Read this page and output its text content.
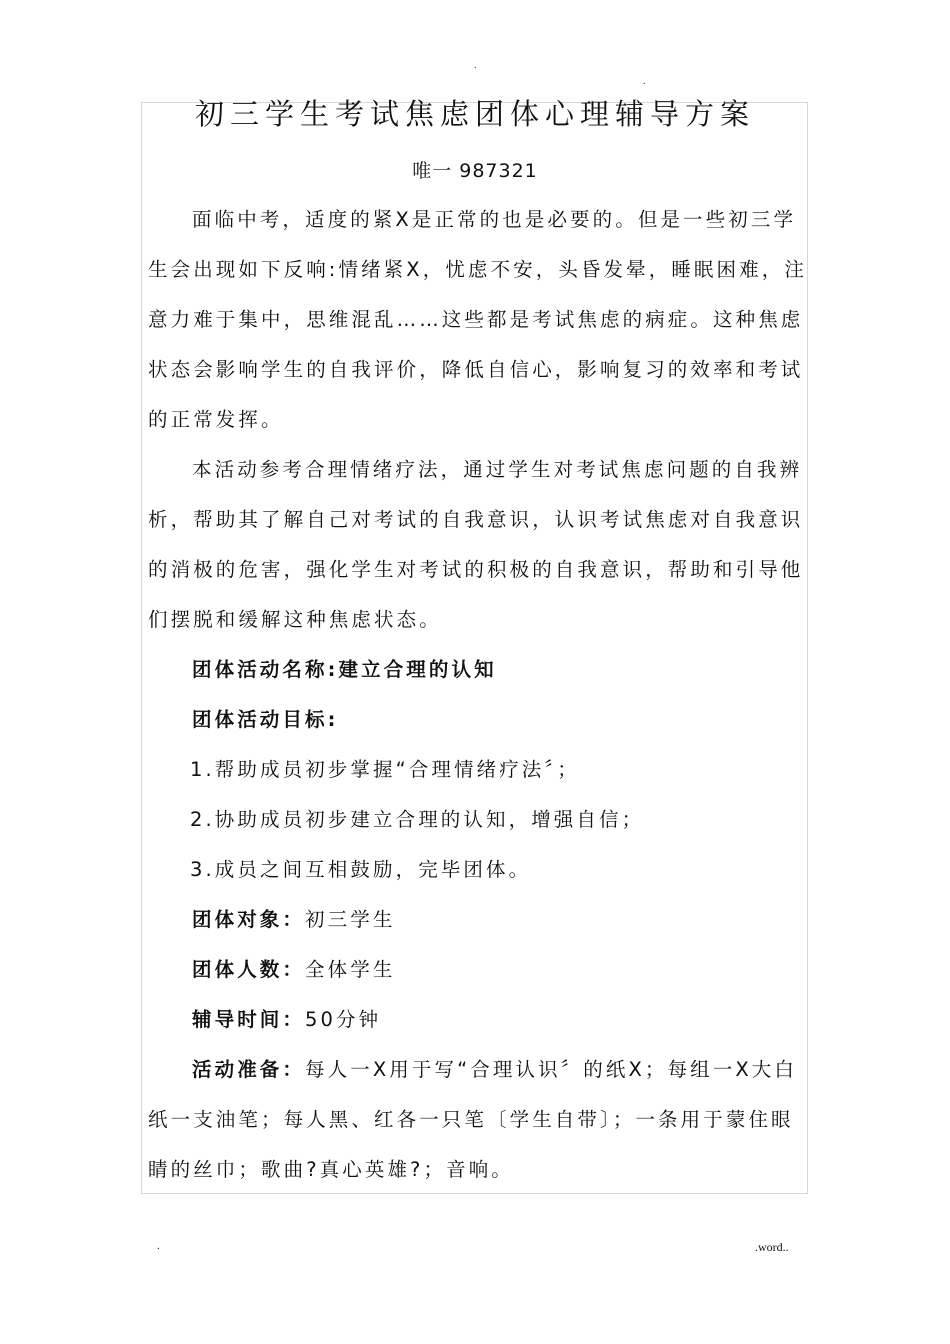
.
.
初三学生考试焦虑团体心理辅导方案
唯一 987321

面临中考，适度的紧X是正常的也是必要的。但是一些初三学生会出现如下反响:情绪紧X，忧虑不安，头昏发晕，睡眠困难，注意力难于集中，思维混乱……这些都是考试焦虑的病症。这种焦虑状态会影响学生的自我评价，降低自信心，影响复习的效率和考试的正常发挥。

本活动参考合理情绪疗法，通过学生对考试焦虑问题的自我辨析，帮助其了解自己对考试的自我意识，认识考试焦虑对自我意识的消极的危害，强化学生对考试的积极的自我意识，帮助和引导他们摆脱和缓解这种焦虑状态。

团体活动名称:建立合理的认知

团体活动目标:

1.帮助成员初步掌握“合理情绪疗法〞；

2.协助成员初步建立合理的认知，增强自信；

3.成员之间互相鼓励，完毕团体。

团体对象：初三学生

团体人数：全体学生

辅导时间：50分钟

活动准备：每人一X用于写“合理认识〞的纸X；每组一X大白纸一支油笔；每人黑、红各一只笔〔学生自带〕；一条用于蒙住眼睛的丝巾；歌曲?真心英雄?；音响。

.	.word..
